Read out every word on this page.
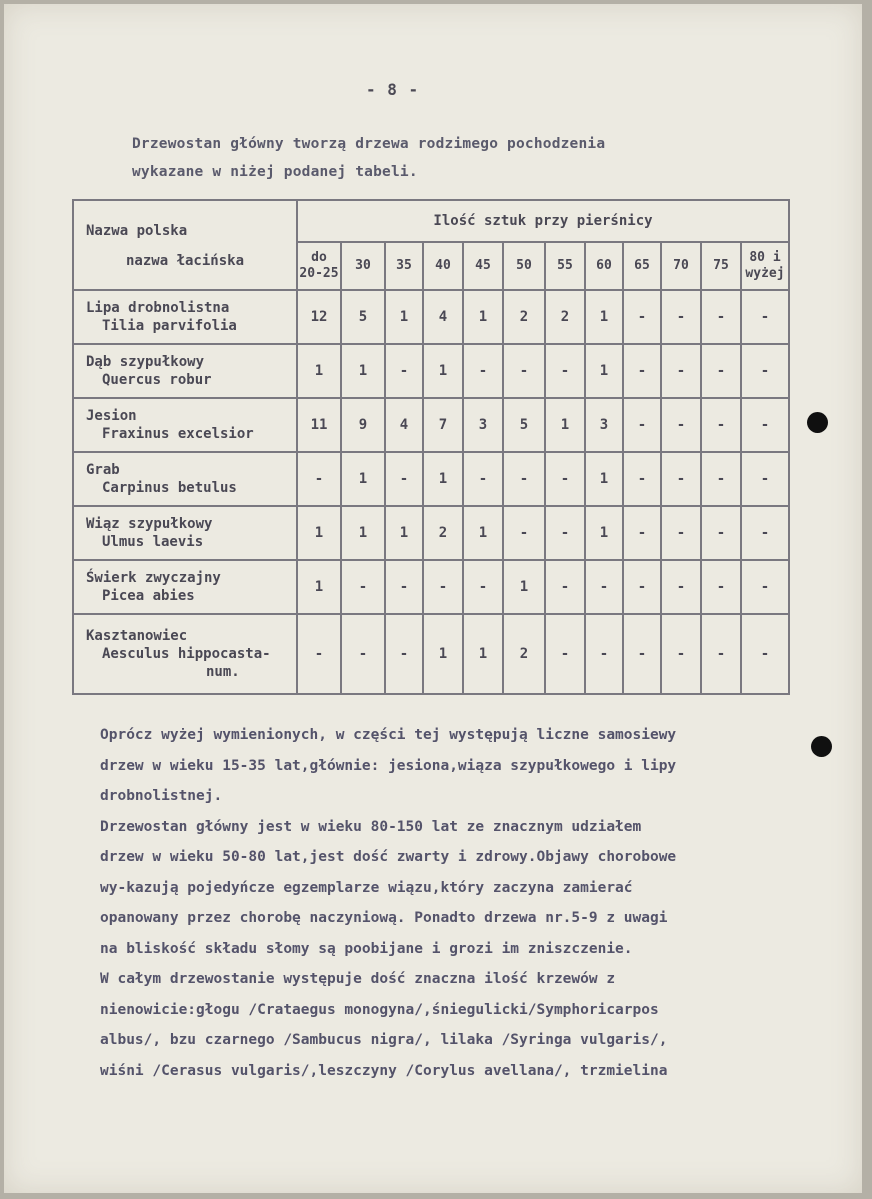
- 8 -
Drzewostan główny tworzą drzewa rodzimego pochodzenia
wykazane w niżej podanej tabeli.
Nazwa polska
nazwa łacińska	Ilość sztuk przy pierśnicy											
	do 20-25	30	35	40	45	50	55	60	65	70	75	80 i wyżej

Lipa drobnolistna
Tilia parvifolia	12	5	1	4	1	2	2	1	-	-	-	-

Dąb szypułkowy
Quercus robur	1	1	-	1	-	-	-	1	-	-	-	-

Jesion
Fraxinus excelsior	11	9	4	7	3	5	1	3	-	-	-	-

Grab
Carpinus betulus	-	1	-	1	-	-	-	1	-	-	-	-

Wiąz szypułkowy
Ulmus laevis	1	1	1	2	1	-	-	1	-	-	-	-

Świerk zwyczajny
Picea abies	1	-	-	-	-	1	-	-	-	-	-	-

Kasztanowiec
Aesculus hippocasta-
num.	-	-	-	1	1	2	-	-	-	-	-	-

Oprócz wyżej wymienionych, w części tej występują liczne samosiewy

drzew w wieku 15-35 lat,głównie: jesiona,wiąza szypułkowego i lipy

drobnolistnej.

Drzewostan główny jest w wieku 80-150 lat ze znacznym udziałem

drzew w wieku 50-80 lat,jest dość zwarty i zdrowy.Objawy chorobowe

wy-kazują pojedyńcze egzemplarze wiązu,który zaczyna zamierać

opanowany przez chorobę naczyniową. Ponadto drzewa nr.5-9 z uwagi

na bliskość składu słomy są poobijane i grozi im zniszczenie.

W całym drzewostanie występuje dość znaczna ilość krzewów z

nienowicie:głogu /Crataegus monogyna/,śniegulicki/Symphoricarpos

albus/, bzu czarnego /Sambucus nigra/, lilaka /Syringa vulgaris/,

wiśni /Cerasus vulgaris/,leszczyny /Corylus avellana/, trzmielina
